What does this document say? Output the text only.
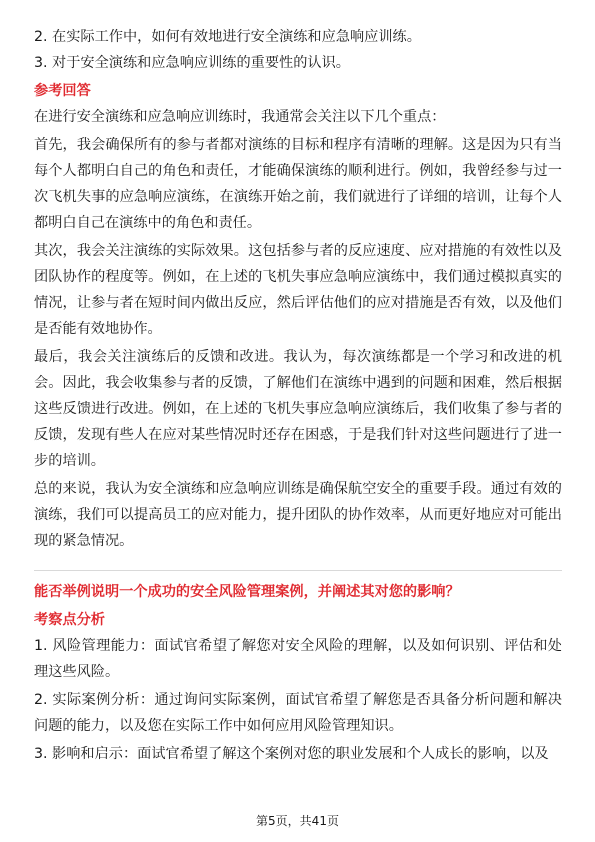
2. 在实际工作中，如何有效地进行安全演练和应急响应训练。

3. 对于安全演练和应急响应训练的重要性的认识。

参考回答

在进行安全演练和应急响应训练时，我通常会关注以下几个重点：

首先，我会确保所有的参与者都对演练的目标和程序有清晰的理解。这是因为只有当每个人都明白自己的角色和责任，才能确保演练的顺利进行。例如，我曾经参与过一次飞机失事的应急响应演练，在演练开始之前，我们就进行了详细的培训，让每个人都明白自己在演练中的角色和责任。

其次，我会关注演练的实际效果。这包括参与者的反应速度、应对措施的有效性以及团队协作的程度等。例如，在上述的飞机失事应急响应演练中，我们通过模拟真实的情况，让参与者在短时间内做出反应，然后评估他们的应对措施是否有效，以及他们是否能有效地协作。

最后，我会关注演练后的反馈和改进。我认为，每次演练都是一个学习和改进的机会。因此，我会收集参与者的反馈，了解他们在演练中遇到的问题和困难，然后根据这些反馈进行改进。例如，在上述的飞机失事应急响应演练后，我们收集了参与者的反馈，发现有些人在应对某些情况时还存在困惑，于是我们针对这些问题进行了进一步的培训。

总的来说，我认为安全演练和应急响应训练是确保航空安全的重要手段。通过有效的演练，我们可以提高员工的应对能力，提升团队的协作效率，从而更好地应对可能出现的紧急情况。

能否举例说明一个成功的安全风险管理案例，并阐述其对您的影响？

考察点分析

1. 风险管理能力：面试官希望了解您对安全风险的理解，以及如何识别、评估和处理这些风险。

2. 实际案例分析：通过询问实际案例，面试官希望了解您是否具备分析问题和解决问题的能力，以及您在实际工作中如何应用风险管理知识。

3. 影响和启示：面试官希望了解这个案例对您的职业发展和个人成长的影响，以及

第5页，共41页
